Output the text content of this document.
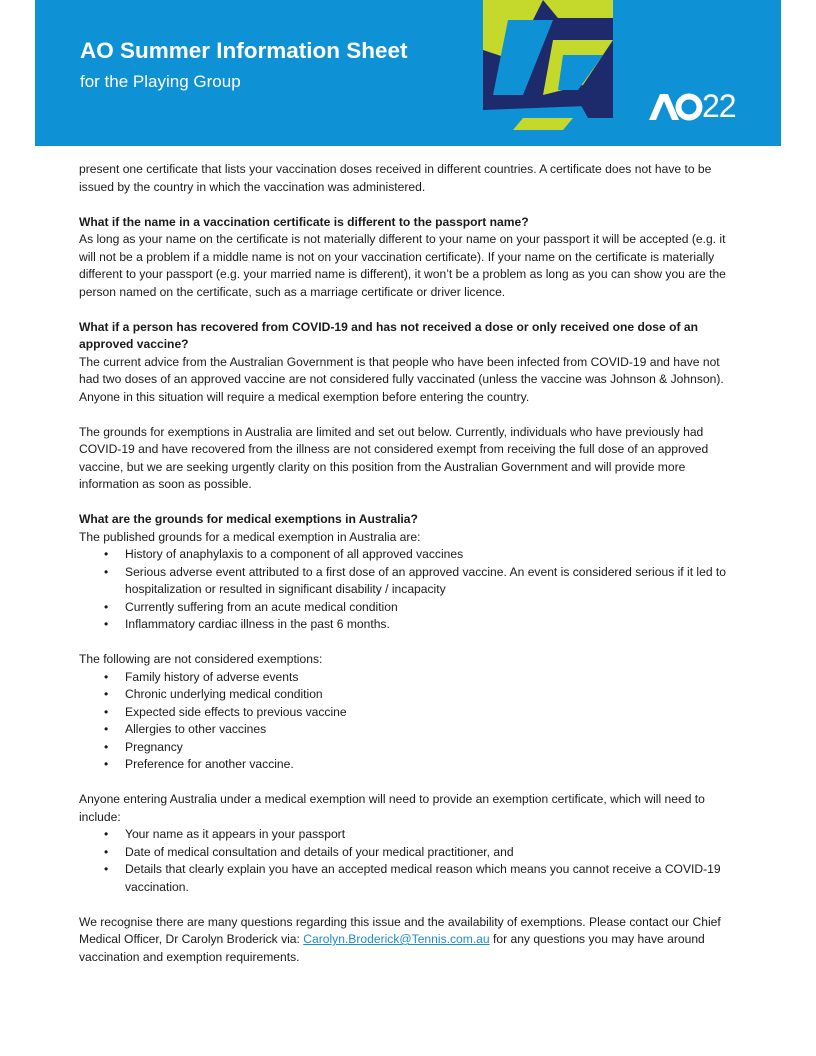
AO Summer Information Sheet
for the Playing Group
22

present one certificate that lists your vaccination doses received in different countries. A certificate does not have to be issued by the country in which the vaccination was administered.

What if the name in a vaccination certificate is different to the passport name?

As long as your name on the certificate is not materially different to your name on your passport it will be accepted (e.g. it will not be a problem if a middle name is not on your vaccination certificate). If your name on the certificate is materially different to your passport (e.g. your married name is different), it won’t be a problem as long as you can show you are the person named on the certificate, such as a marriage certificate or driver licence.

What if a person has recovered from COVID-19 and has not received a dose or only received one dose of an approved vaccine?

The current advice from the Australian Government is that people who have been infected from COVID-19 and have not had two doses of an approved vaccine are not considered fully vaccinated (unless the vaccine was Johnson & Johnson). Anyone in this situation will require a medical exemption before entering the country.

The grounds for exemptions in Australia are limited and set out below. Currently, individuals who have previously had COVID-19 and have recovered from the illness are not considered exempt from receiving the full dose of an approved vaccine, but we are seeking urgently clarity on this position from the Australian Government and will provide more information as soon as possible.

What are the grounds for medical exemptions in Australia?

The published grounds for a medical exemption in Australia are:

• History of anaphylaxis to a component of all approved vaccines
• Serious adverse event attributed to a first dose of an approved vaccine. An event is considered serious if it led to hospitalization or resulted in significant disability / incapacity
• Currently suffering from an acute medical condition
• Inflammatory cardiac illness in the past 6 months.

The following are not considered exemptions:

• Family history of adverse events
• Chronic underlying medical condition
• Expected side effects to previous vaccine
• Allergies to other vaccines
• Pregnancy
• Preference for another vaccine.

Anyone entering Australia under a medical exemption will need to provide an exemption certificate, which will need to include:

• Your name as it appears in your passport
• Date of medical consultation and details of your medical practitioner, and
• Details that clearly explain you have an accepted medical reason which means you cannot receive a COVID-19 vaccination.

We recognise there are many questions regarding this issue and the availability of exemptions. Please contact our Chief Medical Officer, Dr Carolyn Broderick via: Carolyn.Broderick@Tennis.com.au for any questions you may have around vaccination and exemption requirements.
